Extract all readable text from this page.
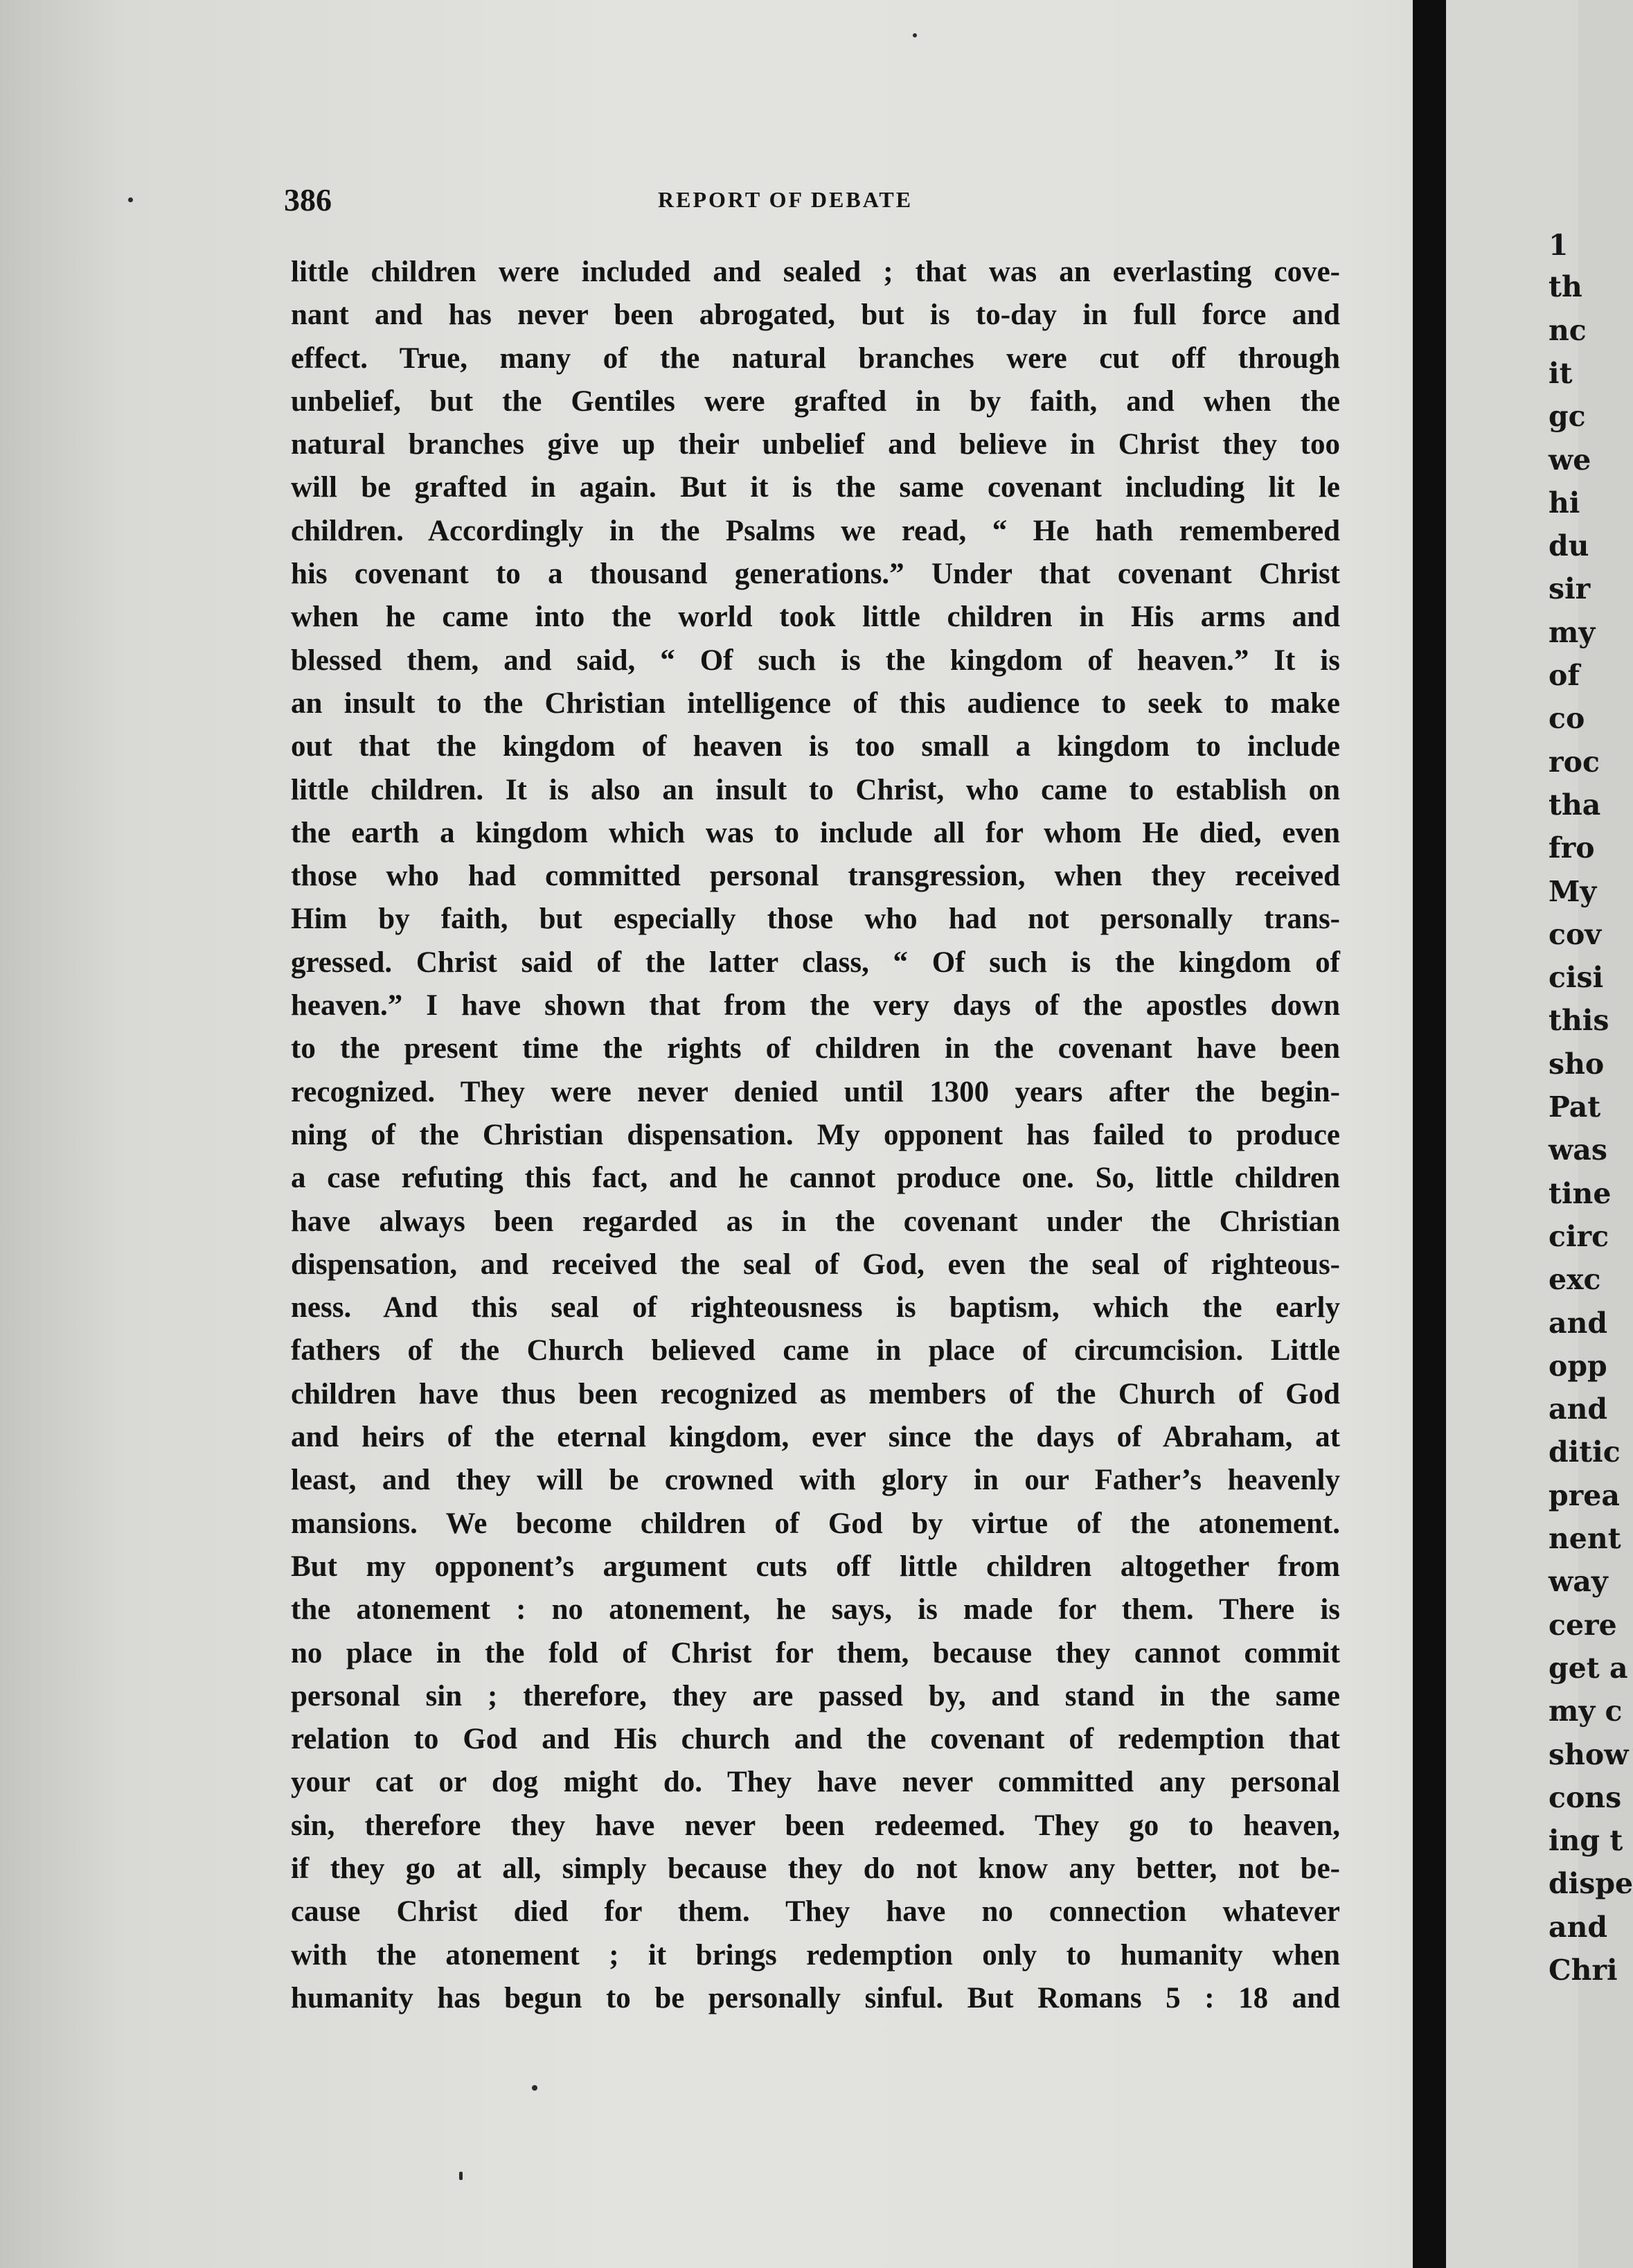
386	REPORT OF DEBATE
little children were included and sealed ; that was an everlasting cove-
nant and has never been abrogated, but is to-day in full force and
effect. True, many of the natural branches were cut off through
unbelief, but the Gentiles were grafted in by faith, and when the
natural branches give up their unbelief and believe in Christ they too
will be grafted in again. But it is the same covenant including lit le
children. Accordingly in the Psalms we read, “ He hath remembered
his covenant to a thousand generations.” Under that covenant Christ
when he came into the world took little children in His arms and
blessed them, and said, “ Of such is the kingdom of heaven.” It is
an insult to the Christian intelligence of this audience to seek to make
out that the kingdom of heaven is too small a kingdom to include
little children. It is also an insult to Christ, who came to establish on
the earth a kingdom which was to include all for whom He died, even
those who had committed personal transgression, when they received
Him by faith, but especially those who had not personally trans-
gressed. Christ said of the latter class, “ Of such is the kingdom of
heaven.” I have shown that from the very days of the apostles down
to the present time the rights of children in the covenant have been
recognized. They were never denied until 1300 years after the begin-
ning of the Christian dispensation. My opponent has failed to produce
a case refuting this fact, and he cannot produce one. So, little children
have always been regarded as in the covenant under the Christian
dispensation, and received the seal of God, even the seal of righteous-
ness. And this seal of righteousness is baptism, which the early
fathers of the Church believed came in place of circumcision. Little
children have thus been recognized as members of the Church of God
and heirs of the eternal kingdom, ever since the days of Abraham, at
least, and they will be crowned with glory in our Father’s heavenly
mansions. We become children of God by virtue of the atonement.
But my opponent’s argument cuts off little children altogether from
the atonement : no atonement, he says, is made for them. There is
no place in the fold of Christ for them, because they cannot commit
personal sin ; therefore, they are passed by, and stand in the same
relation to God and His church and the covenant of redemption that
your cat or dog might do. They have never committed any personal
sin, therefore they have never been redeemed. They go to heaven,
if they go at all, simply because they do not know any better, not be-
cause Christ died for them. They have no connection whatever
with the atonement ; it brings redemption only to humanity when
humanity has begun to be personally sinful. But Romans 5 : 18 and
1
th
nc
it
gc
we
hi
du
sir
my
of
co
roc
tha
fro
My
cov
cisi
this
sho
Pat
was
tine
circ
exc
and
opp
and
ditic
prea
nent
way
cere
get a
my c
show
cons
ing t
dispe
and
Chri
